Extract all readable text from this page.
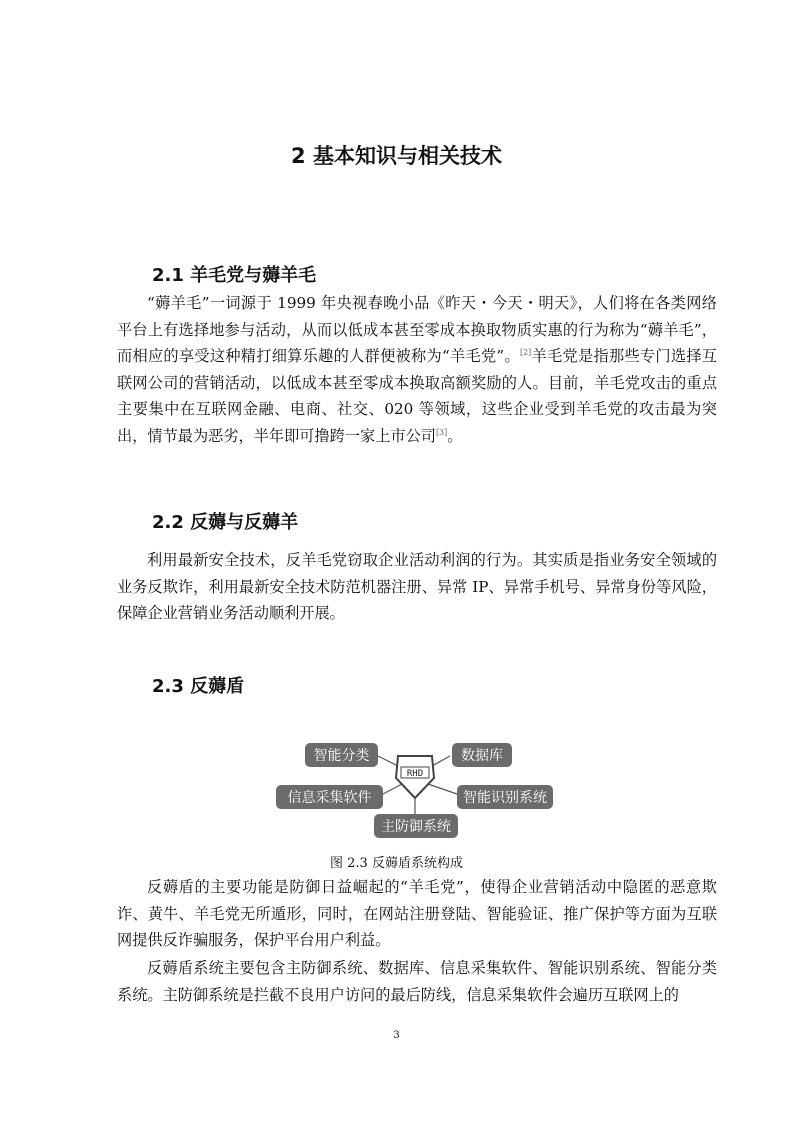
2 基本知识与相关技术
2.1 羊毛党与薅羊毛
“薅羊毛”一词源于 1999 年央视春晚小品《昨天・今天・明天》，人们将在各类网络平台上有选择地参与活动，从而以低成本甚至零成本换取物质实惠的行为称为“薅羊毛”，而相应的享受这种精打细算乐趣的人群便被称为“羊毛党”。[2]羊毛党是指那些专门选择互联网公司的营销活动，以低成本甚至零成本换取高额奖励的人。目前，羊毛党攻击的重点主要集中在互联网金融、电商、社交、020 等领域，这些企业受到羊毛党的攻击最为突出，情节最为恶劣，半年即可撸跨一家上市公司[3]。
2.2 反薅与反薅羊
利用最新安全技术，反羊毛党窃取企业活动利润的行为。其实质是指业务安全领域的业务反欺诈，利用最新安全技术防范机器注册、异常 IP、异常手机号、异常身份等风险，保障企业营销业务活动顺利开展。
2.3 反薅盾
RHD
智能分类	数据库
信息采集软件	智能识别系统
主防御系统
图 2.3 反薅盾系统构成
反薅盾的主要功能是防御日益崛起的“羊毛党”，使得企业营销活动中隐匿的恶意欺诈、黄牛、羊毛党无所遁形，同时，在网站注册登陆、智能验证、推广保护等方面为互联网提供反诈骗服务，保护平台用户利益。
反薅盾系统主要包含主防御系统、数据库、信息采集软件、智能识别系统、智能分类系统。主防御系统是拦截不良用户访问的最后防线，信息采集软件会遍历互联网上的
3
